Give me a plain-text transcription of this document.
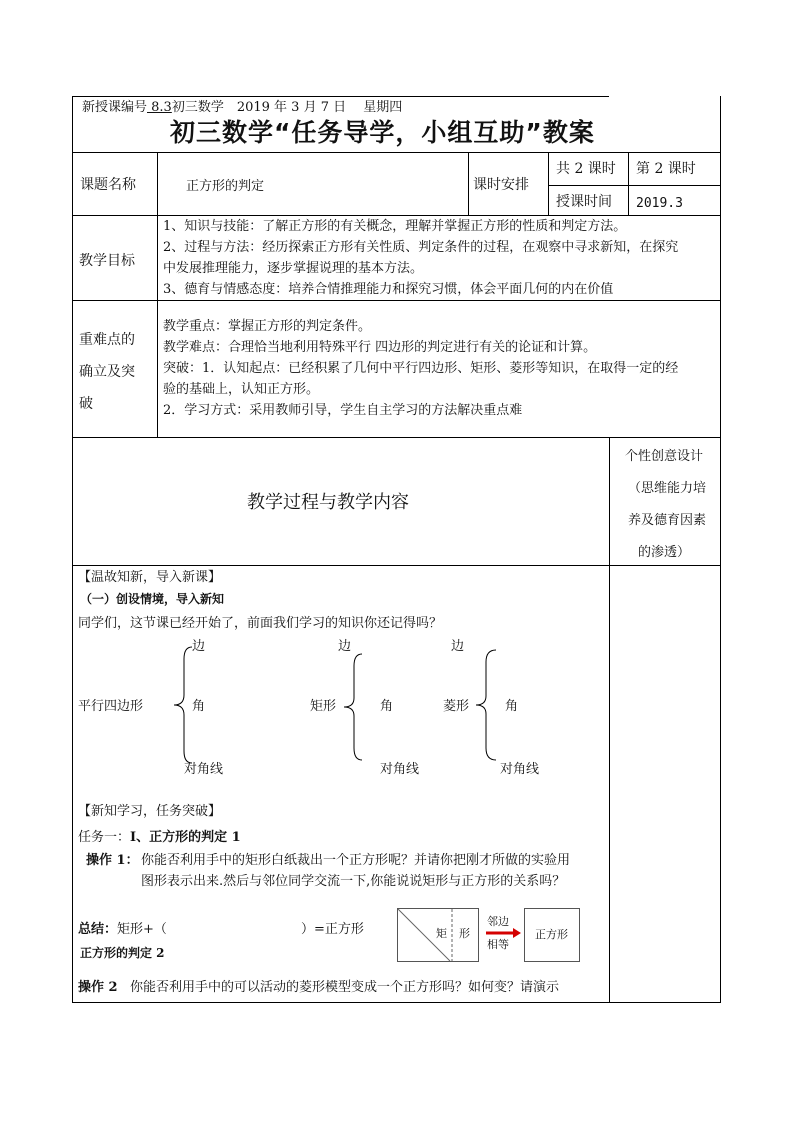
新授课编号 8.3初三数学　2019 年 3 月 7 日　 星期四
初三数学“任务导学，小组互助”教案
课题名称	正方形的判定	课时安排
共 2 课时 第 2 课时
授课时间 2019.3
教学目标
1、知识与技能：了解正方形的有关概念，理解并掌握正方形的性质和判定方法。
2、过程与方法：经历探索正方形有关性质、判定条件的过程，在观察中寻求新知，在探究
中发展推理能力，逐步掌握说理的基本方法。
3、德育与情感态度：培养合情推理能力和探究习惯，体会平面几何的内在价值
重难点的
确立及突
破
教学重点：掌握正方形的判定条件。
教学难点：合理恰当地利用特殊平行 四边形的判定进行有关的论证和计算。
突破：1．认知起点：已经积累了几何中平行四边形、矩形、菱形等知识，在取得一定的经
验的基础上，认知正方形。
2．学习方式：采用教师引导，学生自主学习的方法解决重点难
教学过程与教学内容
个性创意设计
（思维能力培
养及德育因素
的渗透）
【温故知新，导入新课】
（一）创设情境，导入新知
同学们，这节课已经开始了，前面我们学习的知识你还记得吗？
平行四边形
边
角
对角线
矩形
边
角
对角线
菱形
边
角
对角线
【新知学习，任务突破】
任务一：Ⅰ、正方形的判定 1
操作 1： 你能否利用手中的矩形白纸裁出一个正方形呢？并请你把刚才所做的实验用
图形表示出来.然后与邻位同学交流一下,你能说说矩形与正方形的关系吗？
总结：矩形+（　　　　　　　　　　 ）=正方形
正方形的判定 2
矩 形
邻边
相等
正方形
操作 2 你能否利用手中的可以活动的菱形模型变成一个正方形吗？如何变？请演示
